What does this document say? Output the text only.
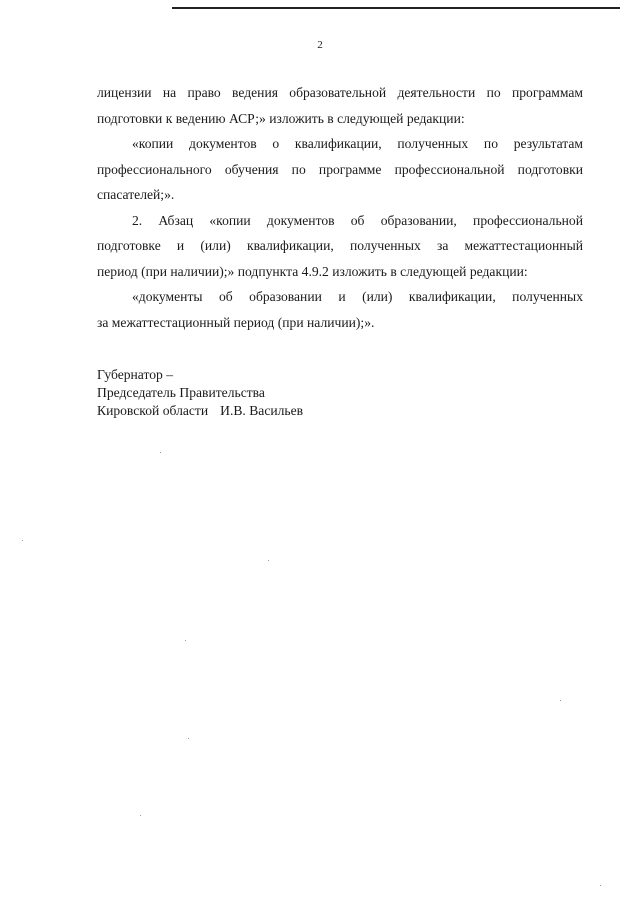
2
лицензии на право ведения образовательной деятельности по программам
подготовки к ведению АСР;» изложить в следующей редакции:
«копии документов о квалификации, полученных по результатам
профессионального обучения по программе профессиональной подготовки
спасателей;».
2. Абзац «копии документов об образовании, профессиональной
подготовке и (или) квалификации, полученных за межаттестационный
период (при наличии);» подпункта 4.9.2 изложить в следующей редакции:
«документы об образовании и (или) квалификации, полученных
за межаттестационный период (при наличии);».
Губернатор –
Председатель Правительства
Кировской области И.В. Васильев
